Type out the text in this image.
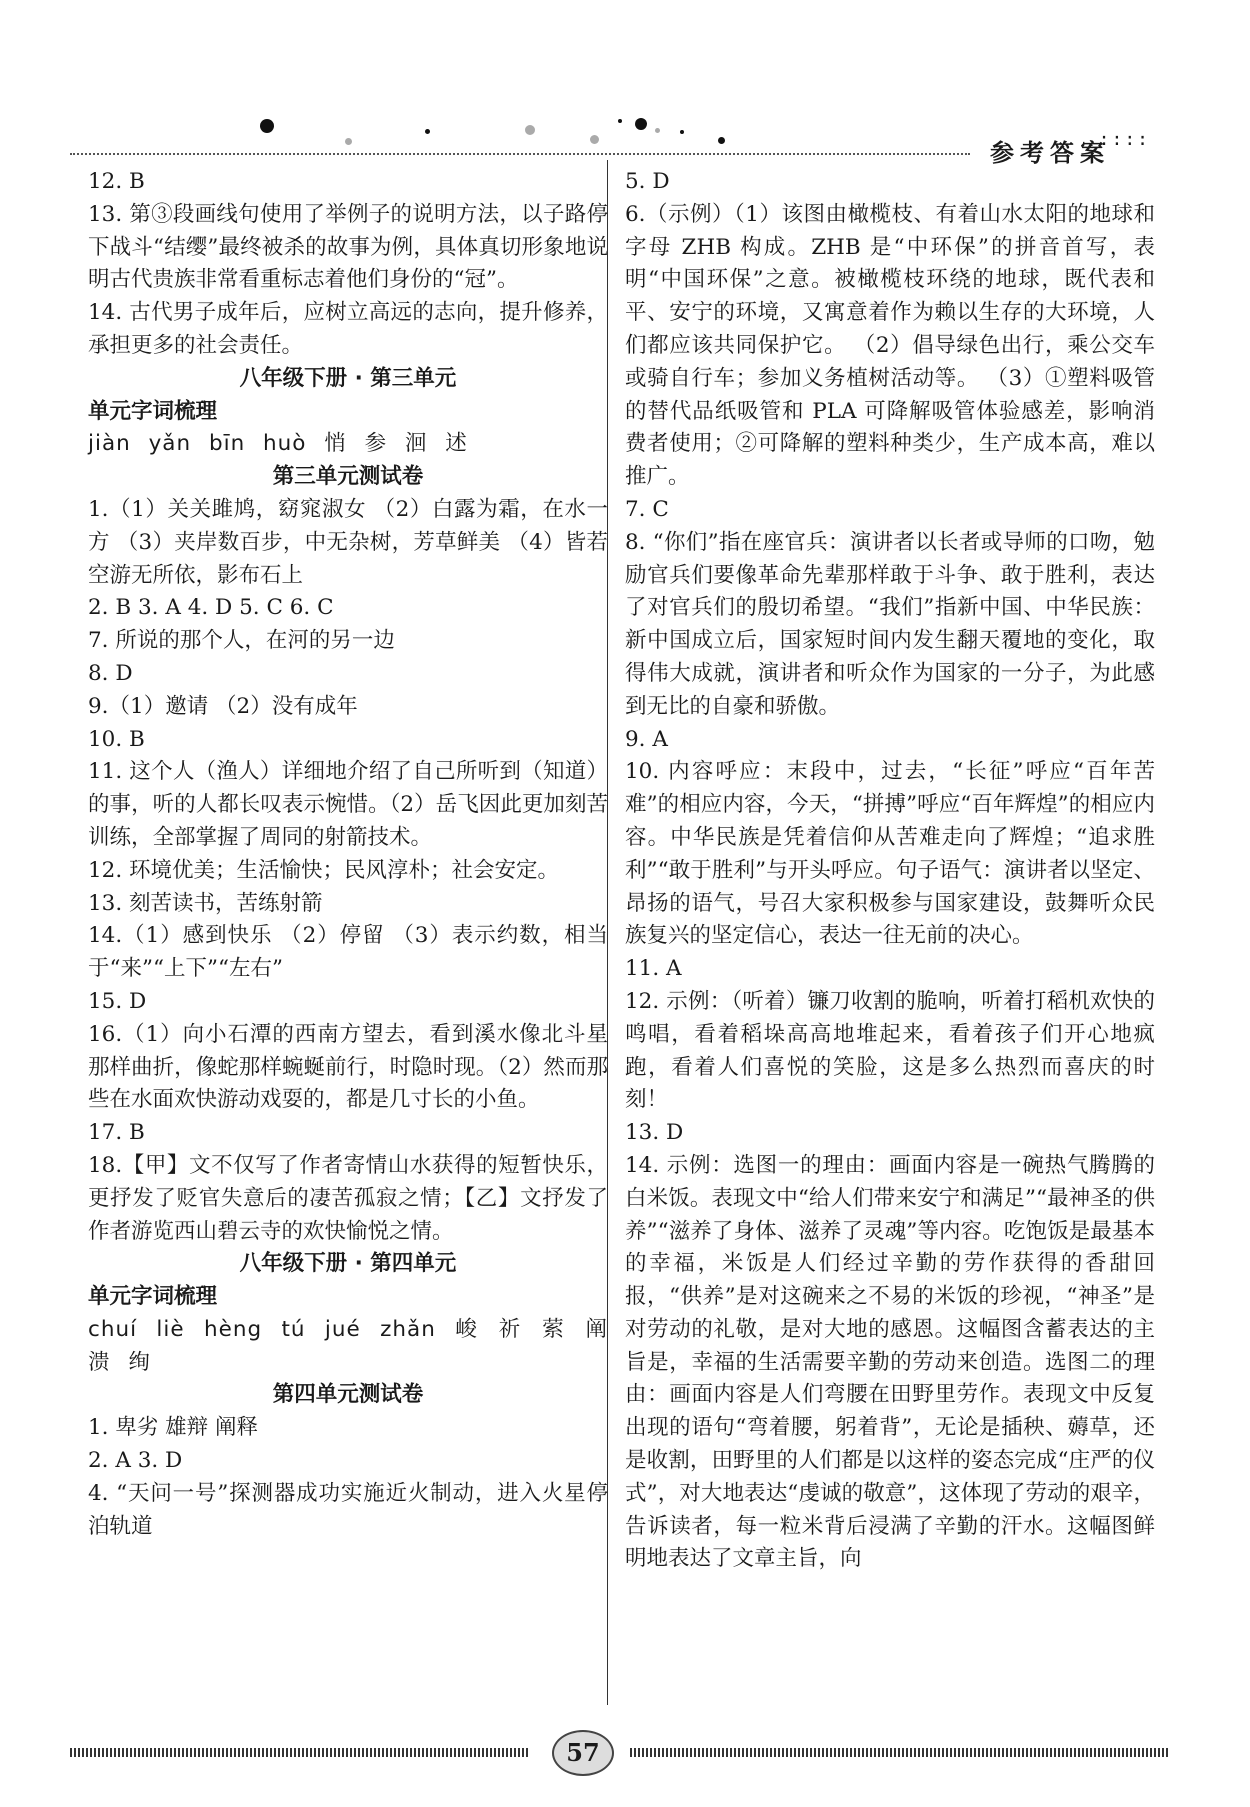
参考答案
::::

12. B

13. 第③段画线句使用了举例子的说明方法，以子路停下战斗“结缨”最终被杀的故事为例，具体真切形象地说明古代贵族非常看重标志着他们身份的“冠”。

14. 古代男子成年后，应树立高远的志向，提升修养，承担更多的社会责任。

八年级下册 · 第三单元

单元字词梳理

jiàn yǎn bīn huò 悄 参 洄 述

第三单元测试卷

1.（1）关关雎鸠，窈窕淑女 （2）白露为霜，在水一方 （3）夹岸数百步，中无杂树，芳草鲜美 （4）皆若空游无所依，影布石上

2. B 3. A 4. D 5. C 6. C

7. 所说的那个人，在河的另一边

8. D

9.（1）邀请 （2）没有成年

10. B

11. 这个人（渔人）详细地介绍了自己所听到（知道）的事，听的人都长叹表示惋惜。（2）岳飞因此更加刻苦训练，全部掌握了周同的射箭技术。

12. 环境优美；生活愉快；民风淳朴；社会安定。

13. 刻苦读书，苦练射箭

14.（1）感到快乐 （2）停留 （3）表示约数，相当于“来”“上下”“左右”

15. D

16.（1）向小石潭的西南方望去，看到溪水像北斗星那样曲折，像蛇那样蜿蜒前行，时隐时现。（2）然而那些在水面欢快游动戏耍的，都是几寸长的小鱼。

17. B

18.【甲】文不仅写了作者寄情山水获得的短暂快乐，更抒发了贬官失意后的凄苦孤寂之情；【乙】文抒发了作者游览西山碧云寺的欢快愉悦之情。

八年级下册 · 第四单元

单元字词梳理

chuí liè hèng tú jué zhǎn 峻 祈 萦 阐 溃 绚

第四单元测试卷

1. 卑劣 雄辩 阐释

2. A 3. D

4. “天问一号”探测器成功实施近火制动，进入火星停泊轨道

5. D

6.（示例）（1）该图由橄榄枝、有着山水太阳的地球和字母 ZHB 构成。ZHB 是“中环保”的拼音首写，表明“中国环保”之意。被橄榄枝环绕的地球，既代表和平、安宁的环境，又寓意着作为赖以生存的大环境，人们都应该共同保护它。 （2）倡导绿色出行，乘公交车或骑自行车；参加义务植树活动等。 （3）①塑料吸管的替代品纸吸管和 PLA 可降解吸管体验感差，影响消费者使用；②可降解的塑料种类少，生产成本高，难以推广。

7. C

8. “你们”指在座官兵：演讲者以长者或导师的口吻，勉励官兵们要像革命先辈那样敢于斗争、敢于胜利，表达了对官兵们的殷切希望。“我们”指新中国、中华民族：新中国成立后，国家短时间内发生翻天覆地的变化，取得伟大成就，演讲者和听众作为国家的一分子，为此感到无比的自豪和骄傲。

9. A

10. 内容呼应：末段中，过去，“长征”呼应“百年苦难”的相应内容，今天，“拼搏”呼应“百年辉煌”的相应内容。中华民族是凭着信仰从苦难走向了辉煌；“追求胜利”“敢于胜利”与开头呼应。句子语气：演讲者以坚定、昂扬的语气，号召大家积极参与国家建设，鼓舞听众民族复兴的坚定信心，表达一往无前的决心。

11. A

12. 示例：（听着）镰刀收割的脆响，听着打稻机欢快的鸣唱，看着稻垛高高地堆起来，看着孩子们开心地疯跑，看着人们喜悦的笑脸，这是多么热烈而喜庆的时刻！

13. D

14. 示例：选图一的理由：画面内容是一碗热气腾腾的白米饭。表现文中“给人们带来安宁和满足”“最神圣的供养”“滋养了身体、滋养了灵魂”等内容。吃饱饭是最基本的幸福，米饭是人们经过辛勤的劳作获得的香甜回报，“供养”是对这碗来之不易的米饭的珍视，“神圣”是对劳动的礼敬，是对大地的感恩。这幅图含蓄表达的主旨是，幸福的生活需要辛勤的劳动来创造。选图二的理由：画面内容是人们弯腰在田野里劳作。表现文中反复出现的语句“弯着腰，躬着背”，无论是插秧、薅草，还是收割，田野里的人们都是以这样的姿态完成“庄严的仪式”，对大地表达“虔诚的敬意”，这体现了劳动的艰辛，告诉读者，每一粒米背后浸满了辛勤的汗水。这幅图鲜明地表达了文章主旨，向

57
